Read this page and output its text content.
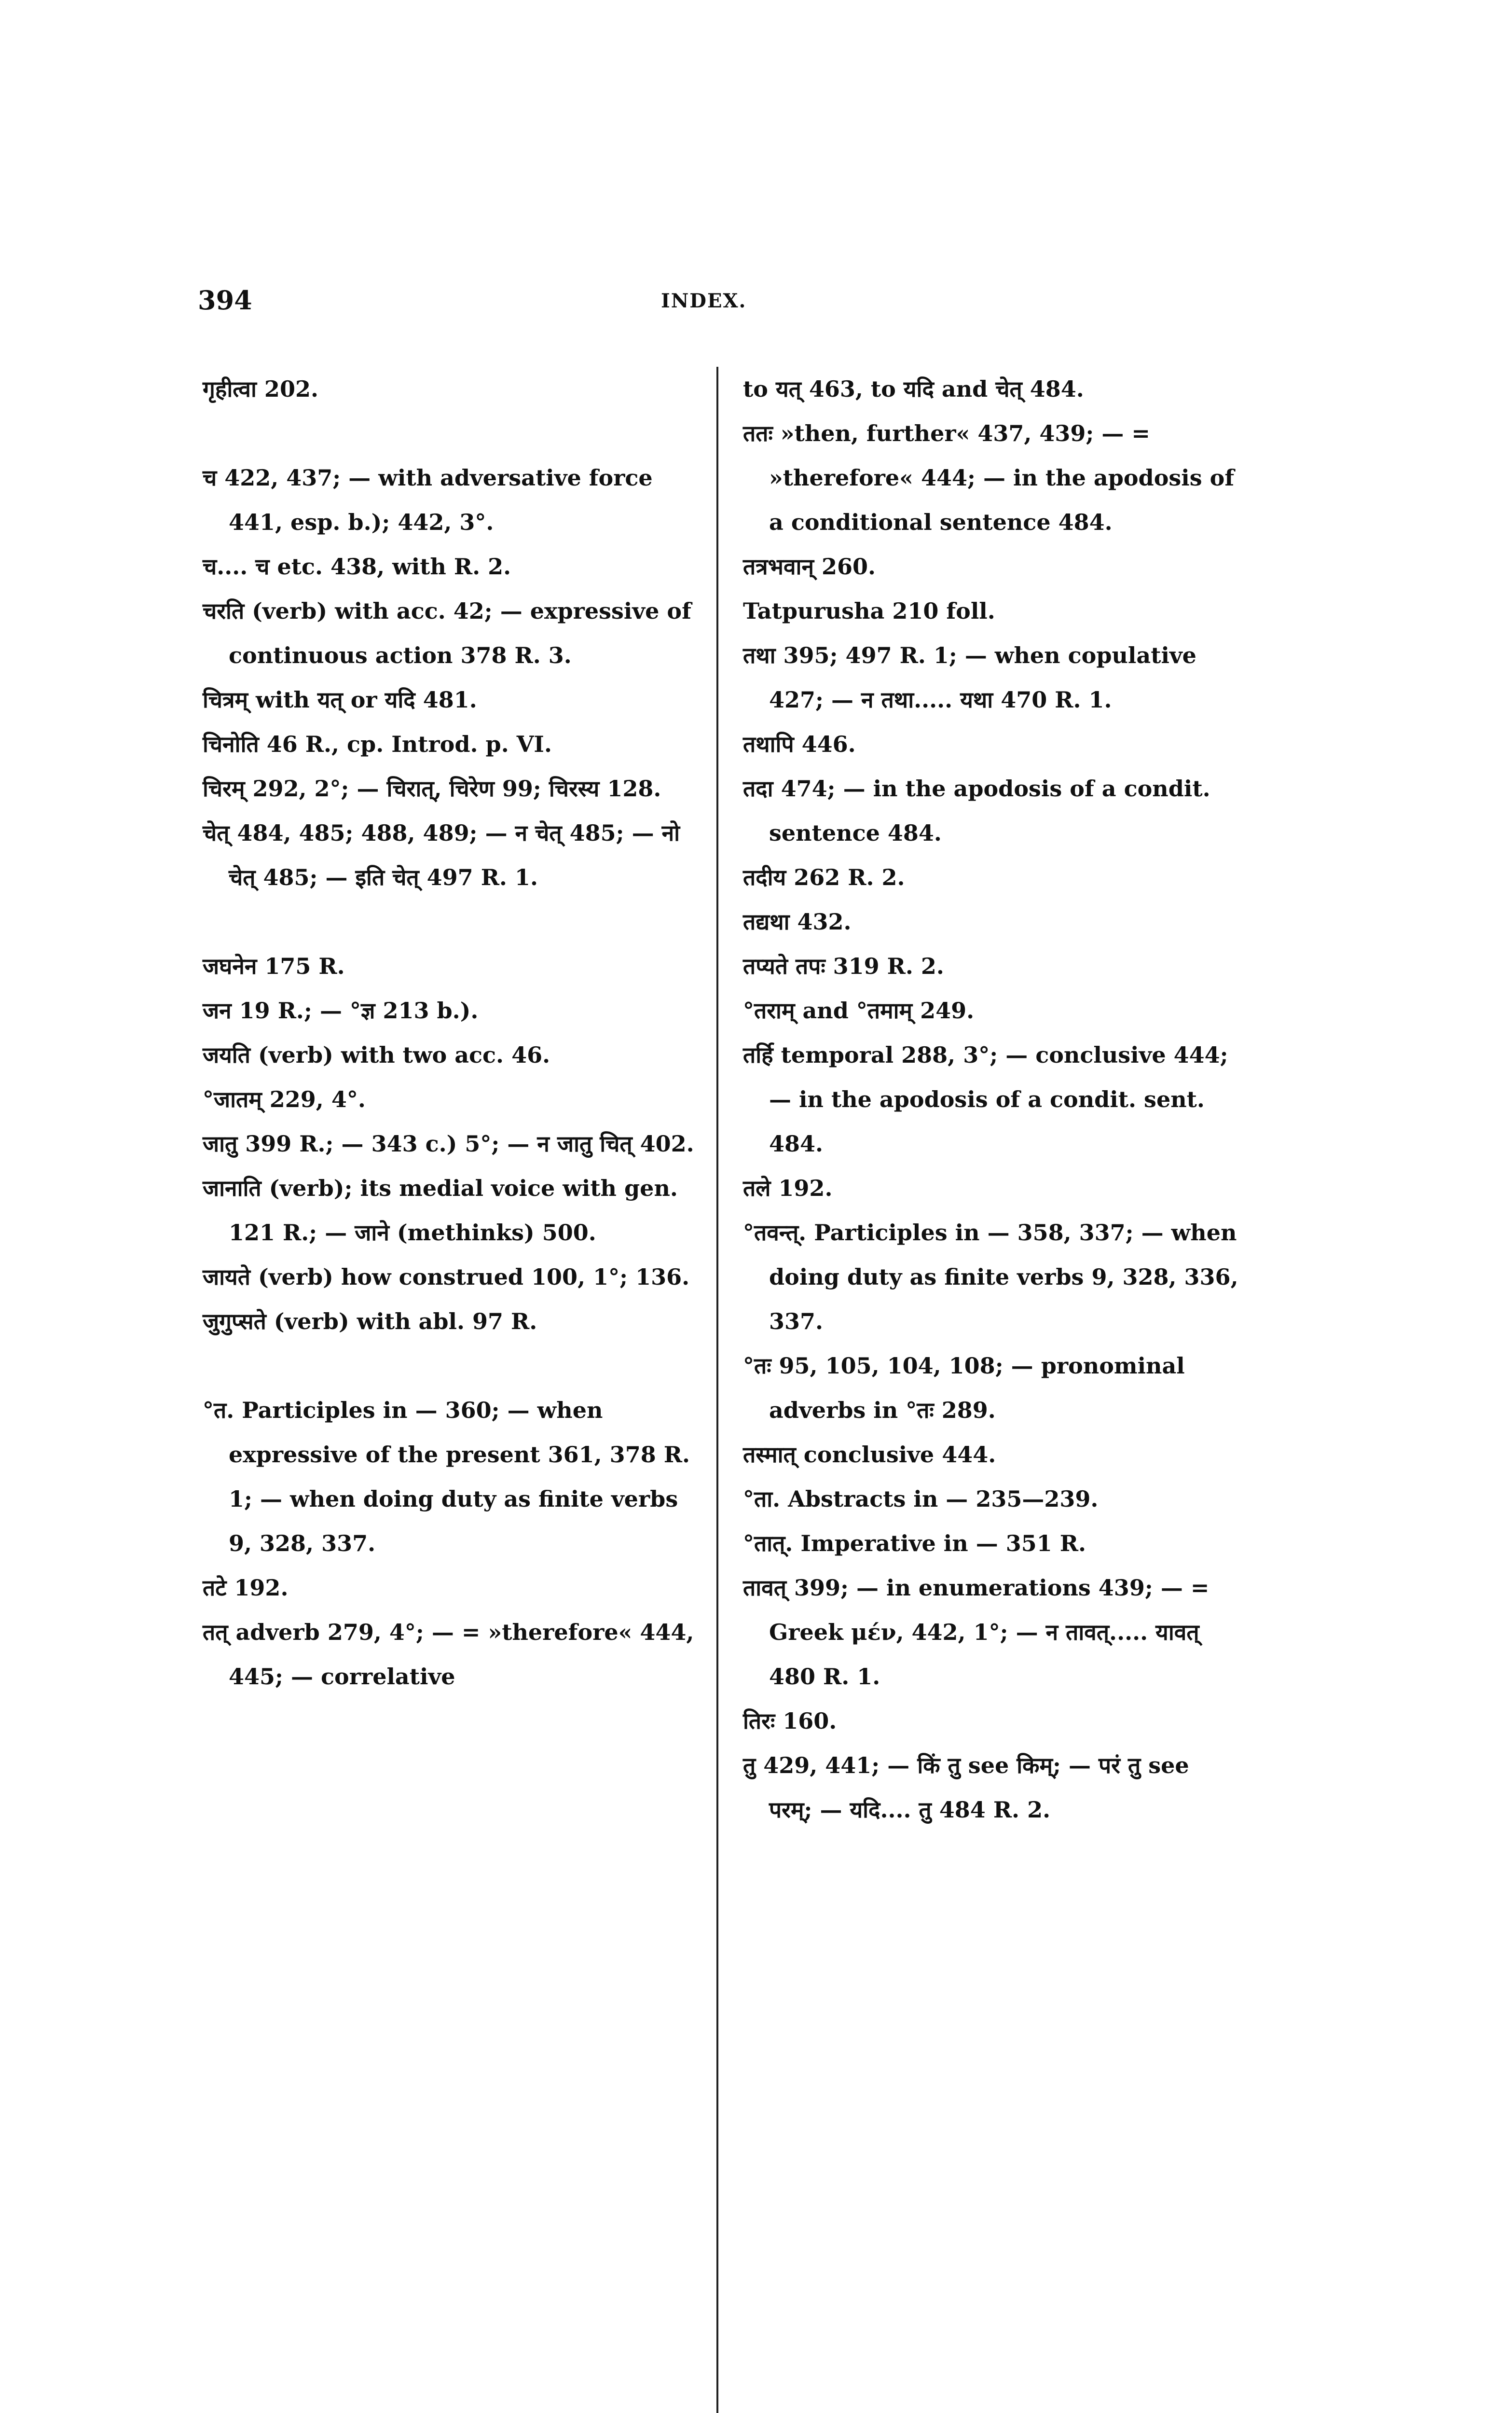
394	INDEX.
गृहीत्वा 202.
च 422, 437; — with adversative force 441, esp. b.); 442, 3°.
च.... च etc. 438, with R. 2.
चरति (verb) with acc. 42; — expressive of continuous action 378 R. 3.
चित्रम् with यत् or यदि 481.
चिनोति 46 R., cp. Introd. p. VI.
चिरम् 292, 2°; — चिरात्, चिरेण 99; चिरस्य 128.
चेत् 484, 485; 488, 489; — न चेत् 485; — नो चेत् 485; — इति चेत् 497 R. 1.
जघनेन 175 R.
जन 19 R.; — °ज्ञ 213 b.).
जयति (verb) with two acc. 46.
°जातम् 229, 4°.
जातु 399 R.; — 343 c.) 5°; — न जातु चित् 402.
जानाति (verb); its medial voice with gen. 121 R.; — जाने (methinks) 500.
जायते (verb) how construed 100, 1°; 136.
जुगुप्सते (verb) with abl. 97 R.
°त. Participles in — 360; — when expressive of the present 361, 378 R. 1; — when doing duty as finite verbs 9, 328, 337.
तटे 192.
तत् adverb 279, 4°; — = »therefore« 444, 445; — correlative
to यत् 463, to यदि and चेत् 484.
ततः »then, further« 437, 439; — = »therefore« 444; — in the apodosis of a conditional sentence 484.
तत्रभवान् 260.
Tatpurusha 210 foll.
तथा 395; 497 R. 1; — when copulative 427; — न तथा..... यथा 470 R. 1.
तथापि 446.
तदा 474; — in the apodosis of a condit. sentence 484.
तदीय 262 R. 2.
तद्यथा 432.
तप्यते तपः 319 R. 2.
°तराम् and °तमाम् 249.
तर्हि temporal 288, 3°; — conclusive 444; — in the apodosis of a condit. sent. 484.
तले 192.
°तवन्त्. Participles in — 358, 337; — when doing duty as finite verbs 9, 328, 336, 337.
°तः 95, 105, 104, 108; — pronominal adverbs in °तः 289.
तस्मात् conclusive 444.
°ता. Abstracts in — 235—239.
°तात्. Imperative in — 351 R.
तावत् 399; — in enumerations 439; — = Greek μέν, 442, 1°; — न तावत्..... यावत् 480 R. 1.
तिरः 160.
तु 429, 441; — किं तु see किम्; — परं तु see परम्; — यदि.... तु 484 R. 2.
